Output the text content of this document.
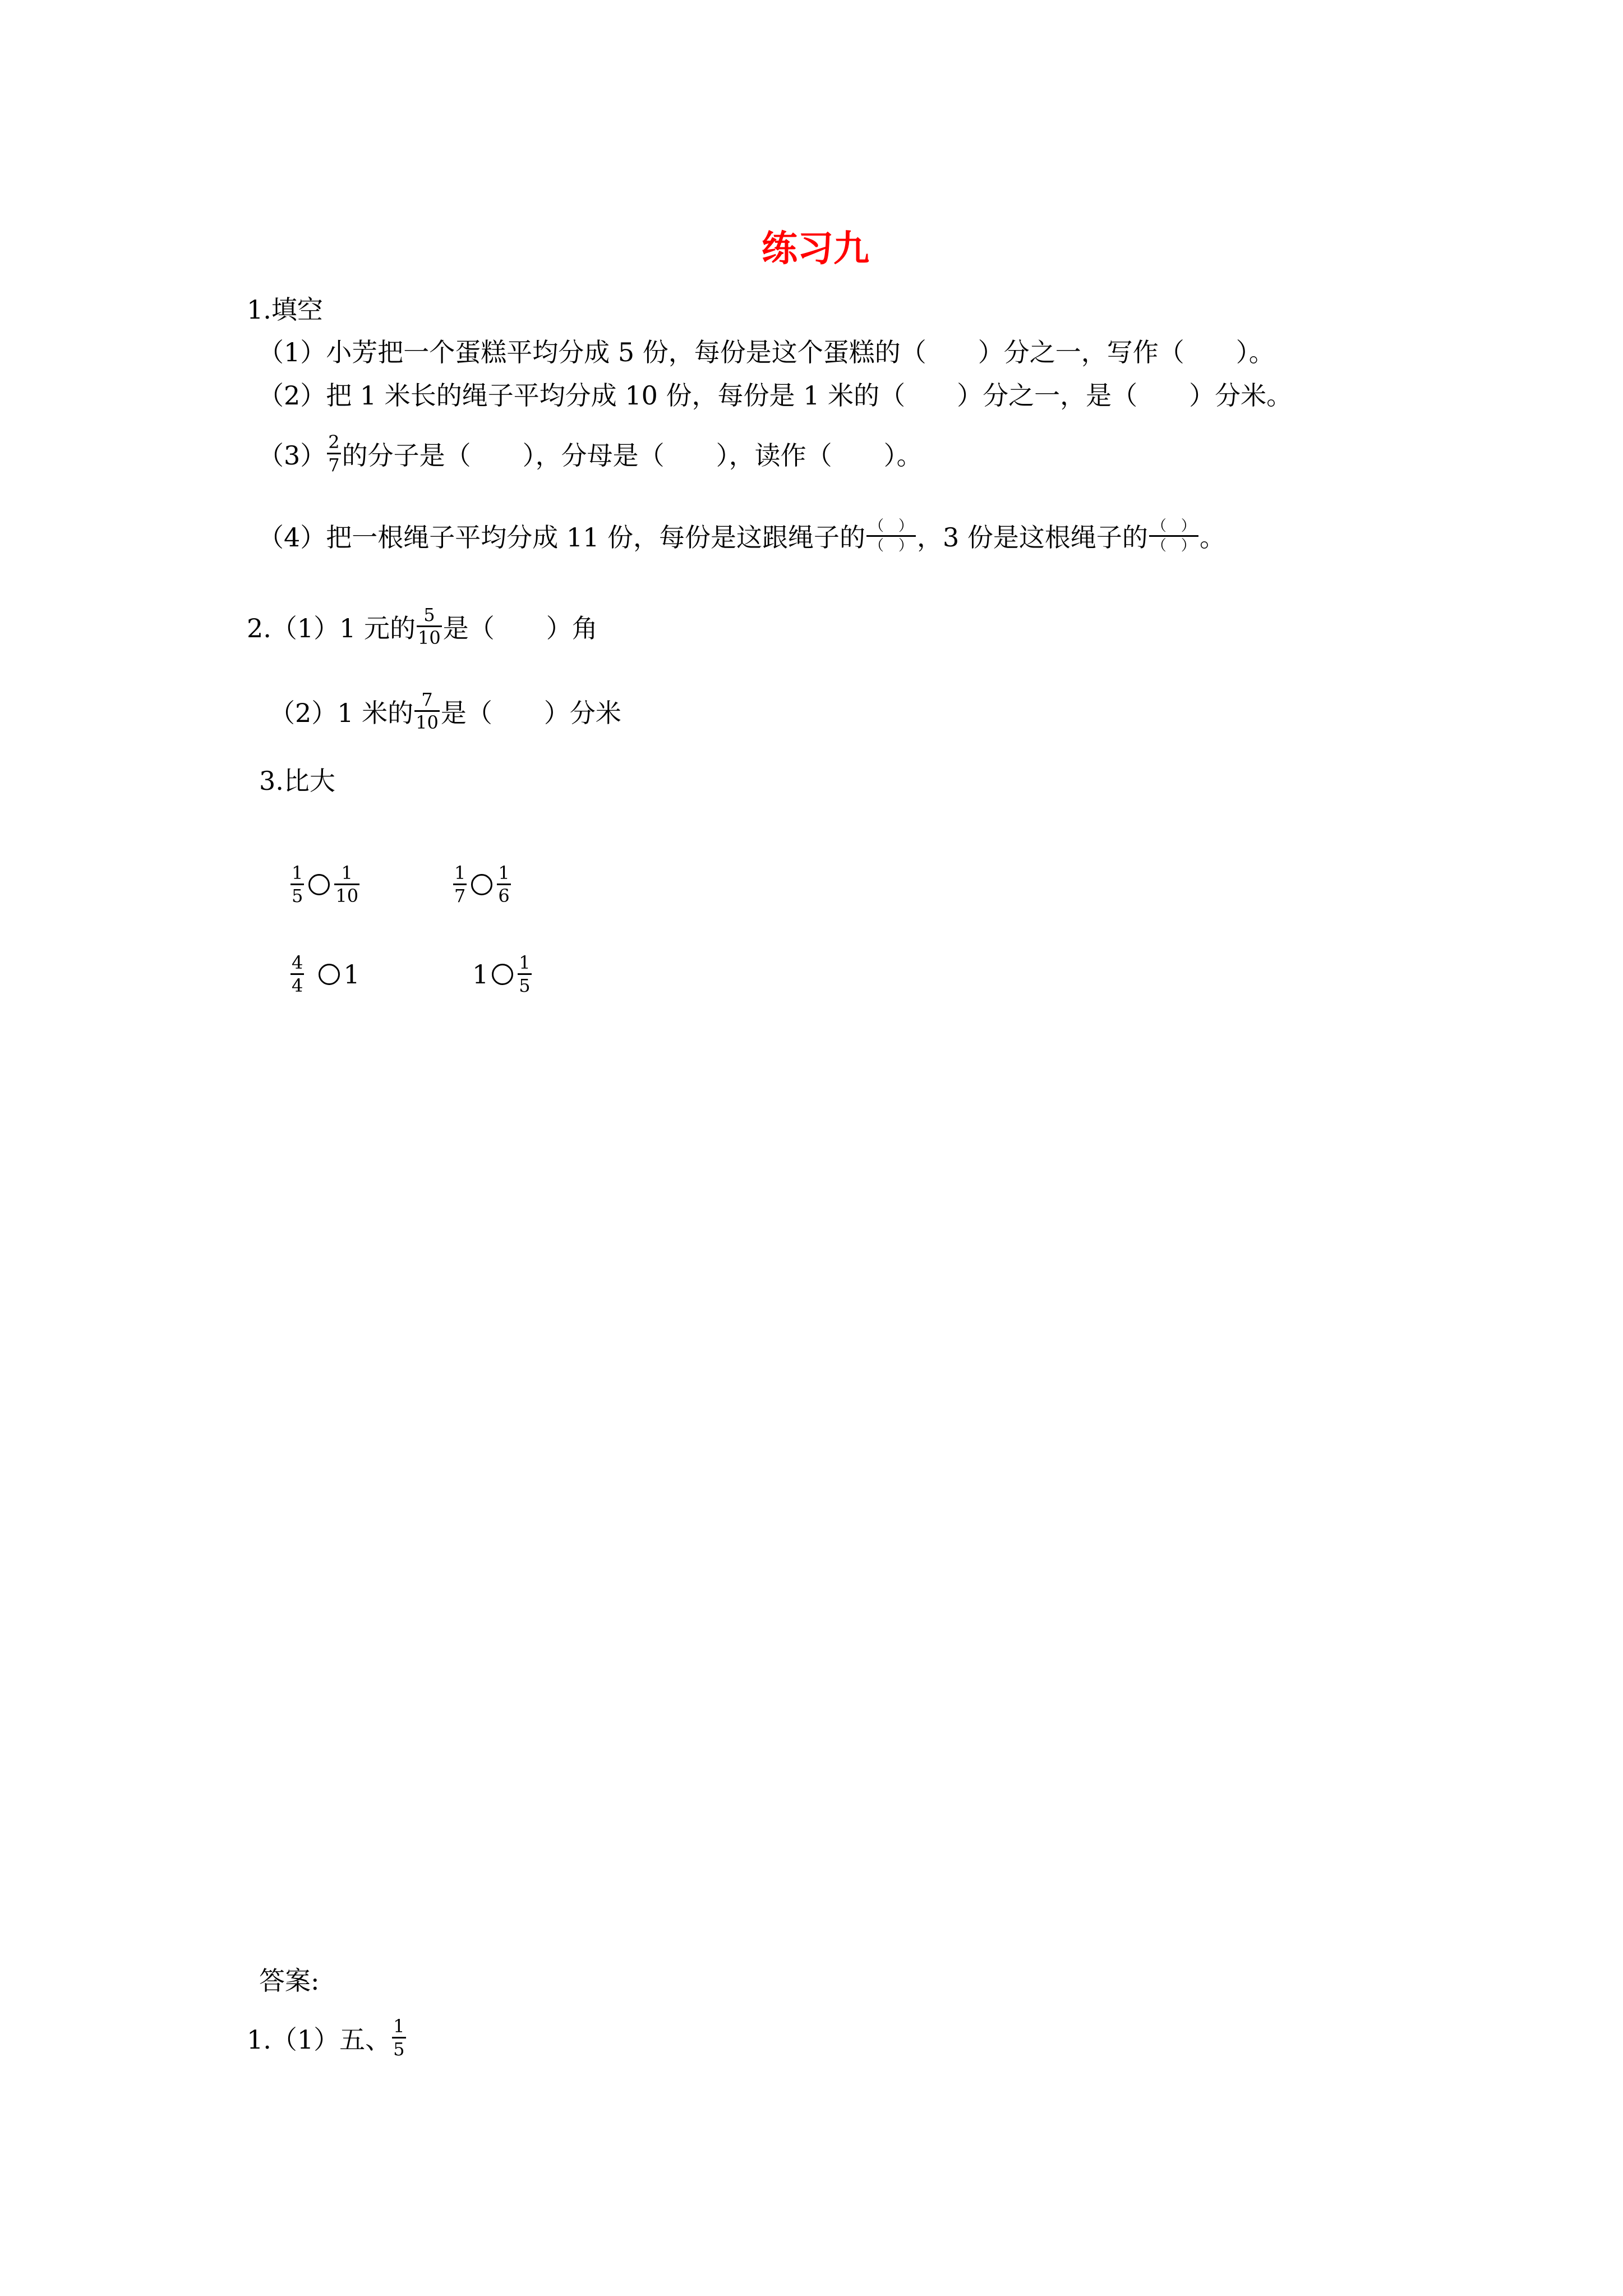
练习九
1.填空
（1）小芳把一个蛋糕平均分成 5 份，每份是这个蛋糕的（　　）分之一，写作（　　）。
（2）把 1 米长的绳子平均分成 10 份，每份是 1 米的（　　）分之一，是（　　）分米。
$(3) \frac{2}{7}$ 的分子是（　　），分母是（　　），读作（　　）。
（4）把一根绳子平均分成 11 份，每份是这跟绳子的 $\frac{( )}{( )}$ ，3 份是这根绳子的 $\frac{( )}{( )}$ 。
2.（1）1 元的 $\frac{5}{10}$ 是（　　）角
（2）1 米的 $\frac{7}{10}$ 是（　　）分米
3.比大
$\frac{1}{5} \frac{1}{10}$	$\frac{1}{7} \frac{1}{6}$
$\frac{4}{4} 1$	$1 \frac{1}{5}$
答案:
1.（1）五、 $\frac{1}{5}$
